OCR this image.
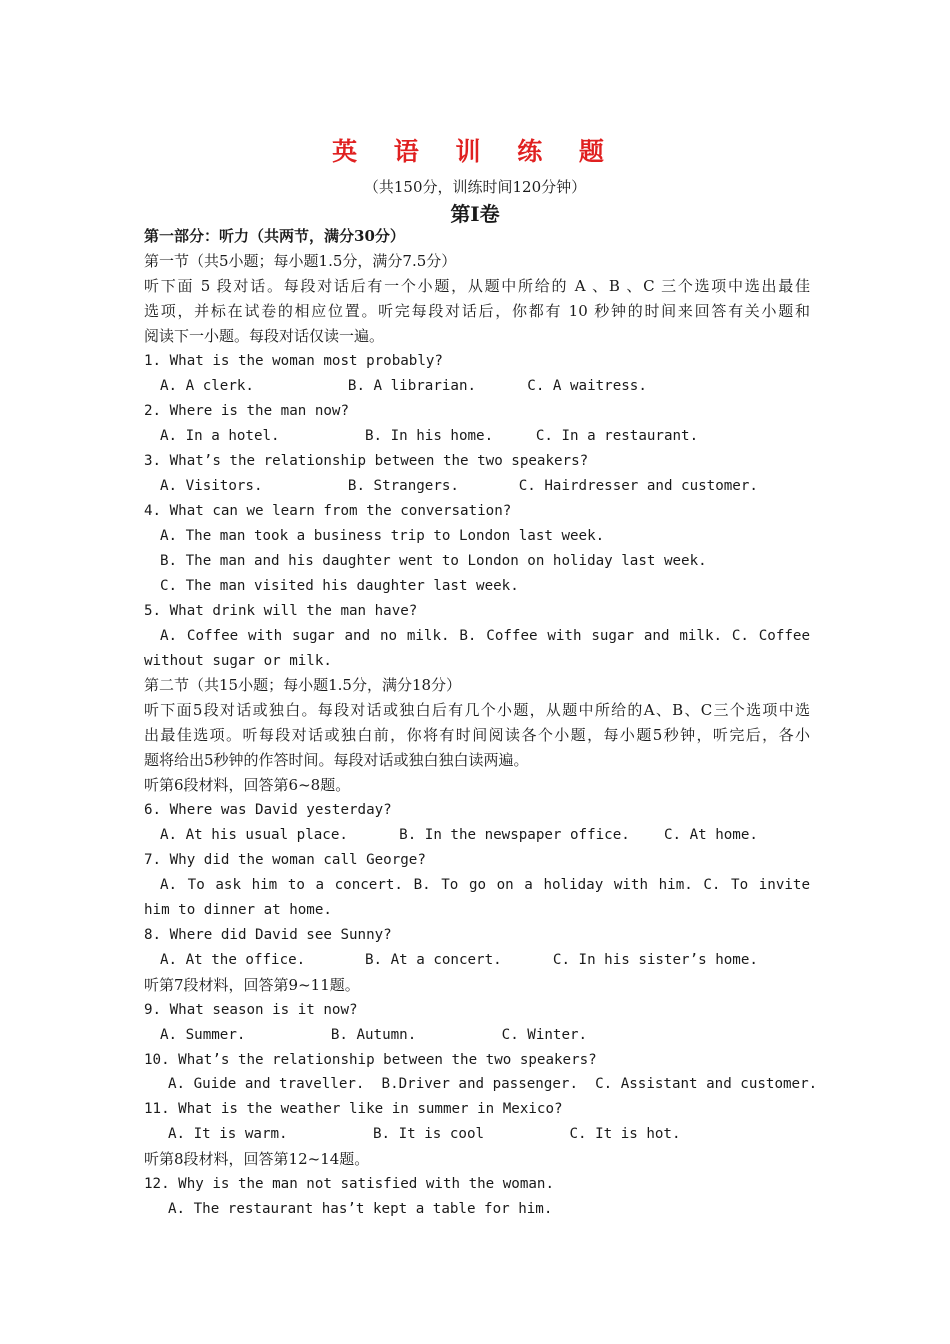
英 语 训 练 题
（共150分，训练时间120分钟）
第Ⅰ卷
第一部分：听力（共两节，满分30分）
第一节（共5小题；每小题1.5分，满分7.5分）
听下面 5 段对话。每段对话后有一个小题，从题中所给的 A 、B 、C 三个选项中选出最佳
选项，并标在试卷的相应位置。听完每段对话后，你都有 10 秒钟的时间来回答有关小题和
阅读下一小题。每段对话仅读一遍。
1. What is the woman most probably?
A. A clerk.           B. A librarian.      C. A waitress.
2. Where is the man now?
A. In a hotel.          B. In his home.     C. In a restaurant.
3. What’s the relationship between the two speakers?
A. Visitors.          B. Strangers.       C. Hairdresser and customer.
4. What can we learn from the conversation?
A. The man took a business trip to London last week.
B. The man and his daughter went to London on holiday last week.
C. The man visited his daughter last week.
5. What drink will the man have?
A. Coffee with sugar and no milk. B. Coffee with sugar and milk. C. Coffee
without sugar or milk.
第二节（共15小题；每小题1.5分，满分18分）
听下面5段对话或独白。每段对话或独白后有几个小题，从题中所给的A、B、C三个选项中选
出最佳选项。听每段对话或独白前，你将有时间阅读各个小题，每小题5秒钟，听完后，各小
题将给出5秒钟的作答时间。每段对话或独白独白读两遍。
听第6段材料，回答第6~8题。
6. Where was David yesterday?
A. At his usual place.      B. In the newspaper office.    C. At home.
7. Why did the woman call George?
A. To ask him to a concert. B. To go on a holiday with him. C. To invite
him to dinner at home.
8. Where did David see Sunny?
A. At the office.       B. At a concert.      C. In his sister’s home.
听第7段材料，回答第9~11题。
9. What season is it now?
A. Summer.          B. Autumn.          C. Winter.
10. What’s the relationship between the two speakers?
A. Guide and traveller.  B.Driver and passenger.  C. Assistant and customer.
11. What is the weather like in summer in Mexico?
A. It is warm.          B. It is cool          C. It is hot.
听第8段材料，回答第12~14题。
12. Why is the man not satisfied with the woman.
A. The restaurant has’t kept a table for him.
